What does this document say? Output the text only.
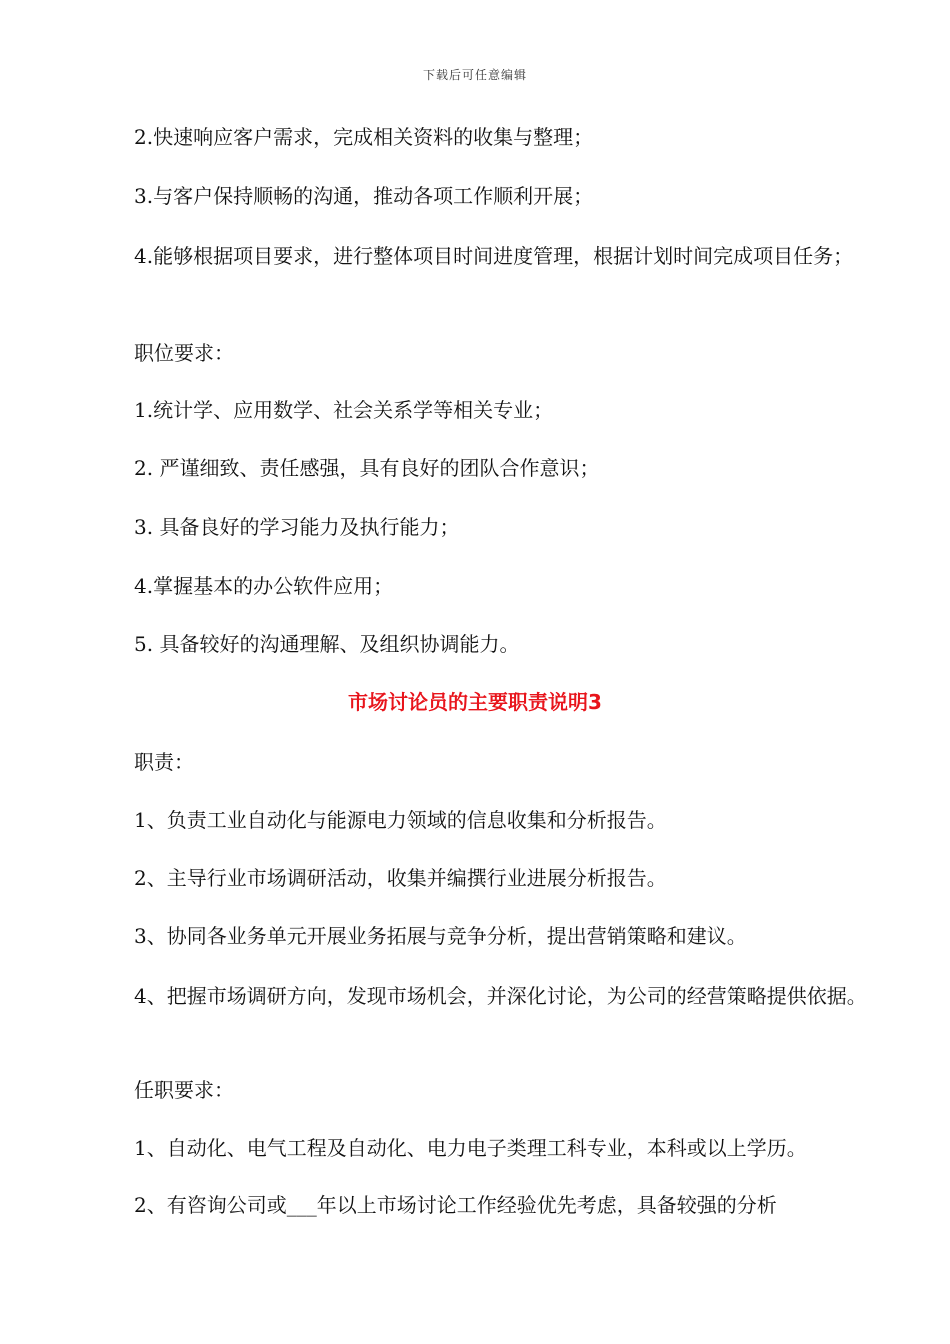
下载后可任意编辑
2.快速响应客户需求，完成相关资料的收集与整理；
3.与客户保持顺畅的沟通，推动各项工作顺利开展；
4.能够根据项目要求，进行整体项目时间进度管理，根据计划时间完成项目任务；
职位要求：
1.统计学、应用数学、社会关系学等相关专业；
2. 严谨细致、责任感强，具有良好的团队合作意识；
3. 具备良好的学习能力及执行能力；
4.掌握基本的办公软件应用；
5. 具备较好的沟通理解、及组织协调能力。
市场讨论员的主要职责说明3
职责：
1、负责工业自动化与能源电力领域的信息收集和分析报告。
2、主导行业市场调研活动，收集并编撰行业进展分析报告。
3、协同各业务单元开展业务拓展与竞争分析，提出营销策略和建议。
4、把握市场调研方向，发现市场机会，并深化讨论，为公司的经营策略提供依据。
任职要求：
1、自动化、电气工程及自动化、电力电子类理工科专业，本科或以上学历。
2、有咨询公司或___年以上市场讨论工作经验优先考虑，具备较强的分析
